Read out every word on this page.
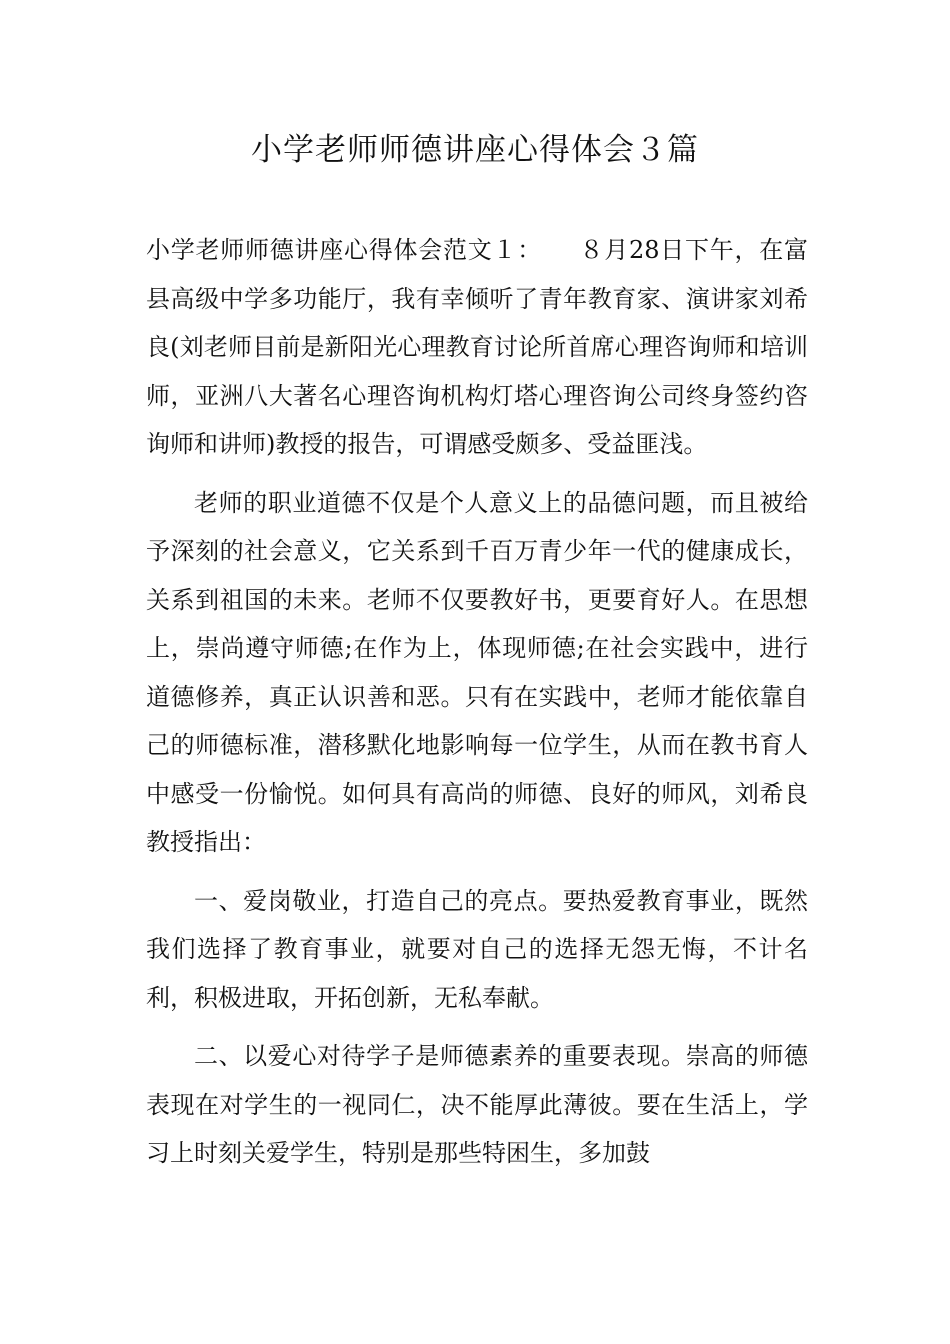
小学老师师德讲座心得体会３篇

小学老师师德讲座心得体会范文１：　　８月28日下午，在富县高级中学多功能厅，我有幸倾听了青年教育家、演讲家刘希良(刘老师目前是新阳光心理教育讨论所首席心理咨询师和培训师，亚洲八大著名心理咨询机构灯塔心理咨询公司终身签约咨询师和讲师)教授的报告，可谓感受颇多、受益匪浅。

老师的职业道德不仅是个人意义上的品德问题，而且被给予深刻的社会意义，它关系到千百万青少年一代的健康成长，关系到祖国的未来。老师不仅要教好书，更要育好人。在思想上，崇尚遵守师德;在作为上，体现师德;在社会实践中，进行道德修养，真正认识善和恶。只有在实践中，老师才能依靠自己的师德标准，潜移默化地影响每一位学生，从而在教书育人中感受一份愉悦。如何具有高尚的师德、良好的师风，刘希良教授指出：

一、爱岗敬业，打造自己的亮点。要热爱教育事业，既然我们选择了教育事业，就要对自己的选择无怨无悔，不计名利，积极进取，开拓创新，无私奉献。

二、以爱心对待学子是师德素养的重要表现。崇高的师德表现在对学生的一视同仁，决不能厚此薄彼。要在生活上，学习上时刻关爱学生，特别是那些特困生，多加鼓
